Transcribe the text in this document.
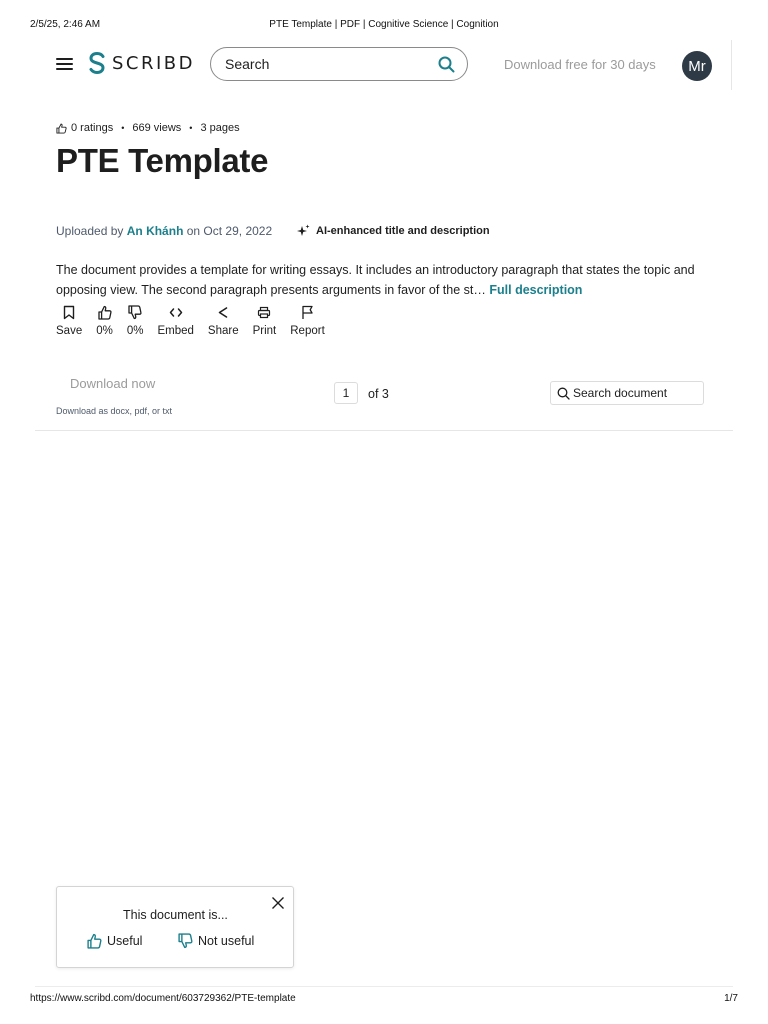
2/5/25, 2:46 AM	PTE Template | PDF | Cognitive Science | Cognition
SCRIBD Search	Download free for 30 days	Mr
0 ratings • 669 views • 3 pages
PTE Template
Uploaded by An Khánh on Oct 29, 2022	AI-enhanced title and description
The document provides a template for writing essays. It includes an introductory paragraph that states the topic and opposing view. The second paragraph presents arguments in favor of the st… Full description
Save 0% 0% Embed Share Print Report
Download now
Download as docx, pdf, or txt
1	of 3	Search document
This document is...
Useful	Not useful
https://www.scribd.com/document/603729362/PTE-template	1/7
